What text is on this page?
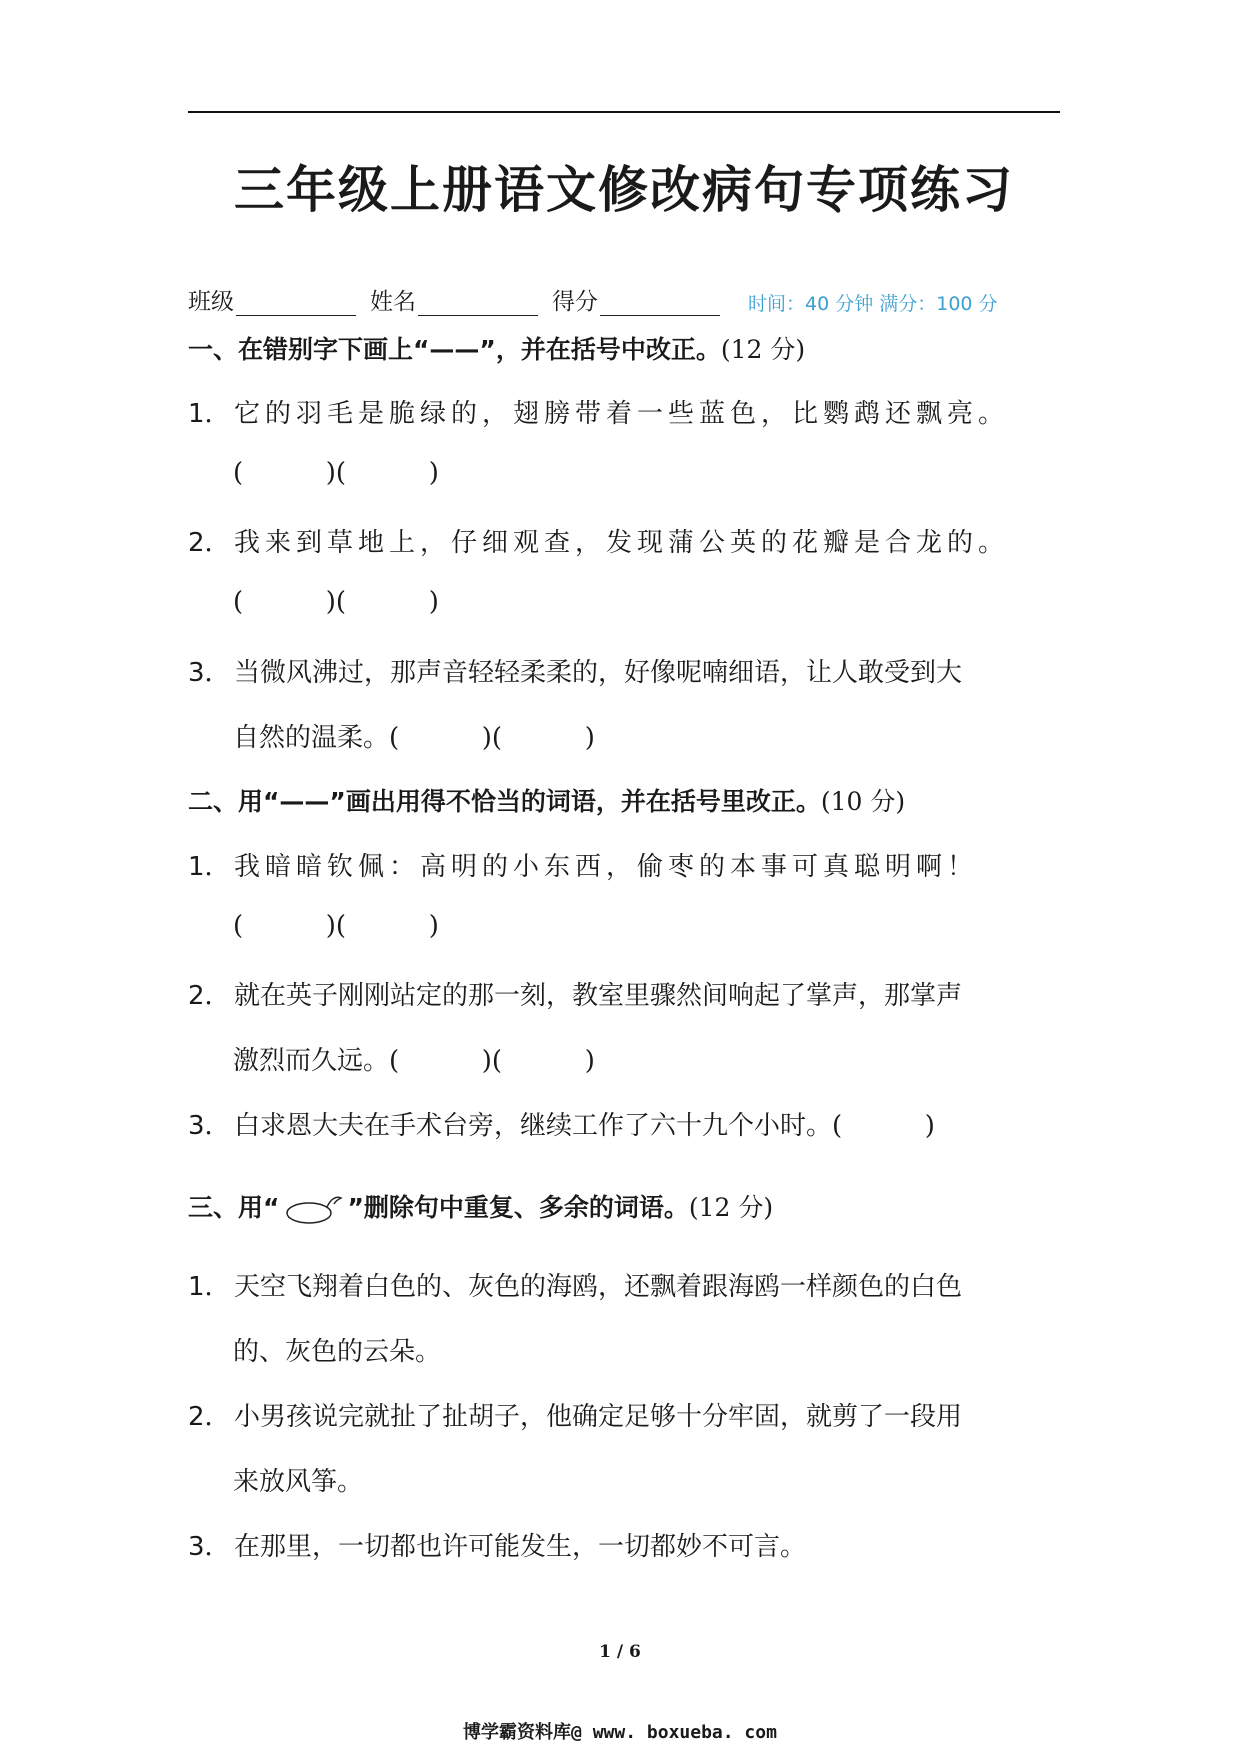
三年级上册语文修改病句专项练习
班级	姓名	得分	时间：40 分钟 满分：100 分
一、在错别字下画上“——”，并在括号中改正。(12 分)
1． 它的羽毛是脆绿的，翅膀带着一些蓝色，比鹦鹉还飘亮。
(          )(          )
2． 我来到草地上，仔细观查，发现蒲公英的花瓣是合龙的。
(          )(          )
3． 当微风沸过，那声音轻轻柔柔的，好像呢喃细语，让人敢受到大
自然的温柔。(          )(          )
二、用“——”画出用得不恰当的词语，并在括号里改正。(10 分)
1． 我暗暗钦佩：高明的小东西，偷枣的本事可真聪明啊！
(          )(          )
2． 就在英子刚刚站定的那一刻，教室里骤然间响起了掌声，那掌声
激烈而久远。(          )(          )
3． 白求恩大夫在手术台旁，继续工作了六十九个小时。(          )
三、用“	”删除句中重复、多余的词语。(12 分)
1． 天空飞翔着白色的、灰色的海鸥，还飘着跟海鸥一样颜色的白色
的、灰色的云朵。
2． 小男孩说完就扯了扯胡子，他确定足够十分牢固，就剪了一段用
来放风筝。
3． 在那里，一切都也许可能发生，一切都妙不可言。
1 / 6
博学霸资料库@ www. boxueba. com
